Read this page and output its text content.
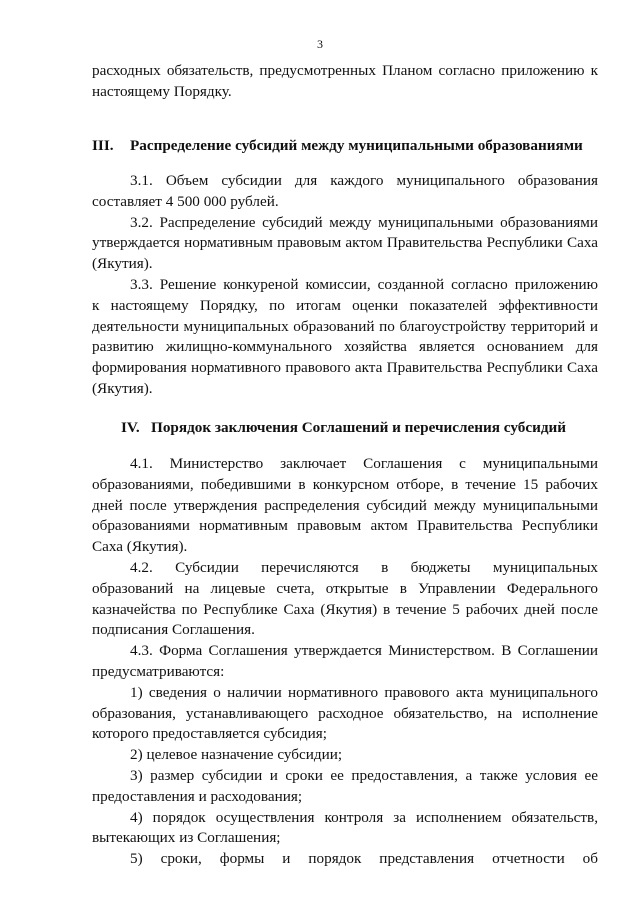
3
расходных обязательств, предусмотренных Планом согласно приложению к
настоящему Порядку.
III. Распределение субсидий между муниципальными образованиями
3.1. Объем субсидии для каждого муниципального образования
составляет 4 500 000 рублей.
3.2. Распределение субсидий между муниципальными образованиями
утверждается нормативным правовым актом Правительства Республики Саха
(Якутия).
3.3. Решение конкуреной комиссии, созданной согласно приложению
к настоящему Порядку, по итогам оценки показателей эффективности
деятельности муниципальных образований по благоустройству территорий и
развитию жилищно-коммунального хозяйства является основанием для
формирования нормативного правового акта Правительства Республики Саха
(Якутия).
IV. Порядок заключения Соглашений и перечисления субсидий
4.1. Министерство заключает Соглашения с муниципальными
образованиями, победившими в конкурсном отборе, в течение 15 рабочих
дней после утверждения распределения субсидий между муниципальными
образованиями нормативным правовым актом Правительства Республики
Саха (Якутия).
4.2. Субсидии перечисляются в бюджеты муниципальных
образований на лицевые счета, открытые в Управлении Федерального
казначейства по Республике Саха (Якутия) в течение 5 рабочих дней после
подписания Соглашения.
4.3. Форма Соглашения утверждается Министерством. В Соглашении
предусматриваются:
1) сведения о наличии нормативного правового акта муниципального
образования, устанавливающего расходное обязательство, на исполнение
которого предоставляется субсидия;
2) целевое назначение субсидии;
3) размер субсидии и сроки ее предоставления, а также условия ее
предоставления и расходования;
4) порядок осуществления контроля за исполнением обязательств,
вытекающих из Соглашения;
5) сроки, формы и порядок представления отчетности об
